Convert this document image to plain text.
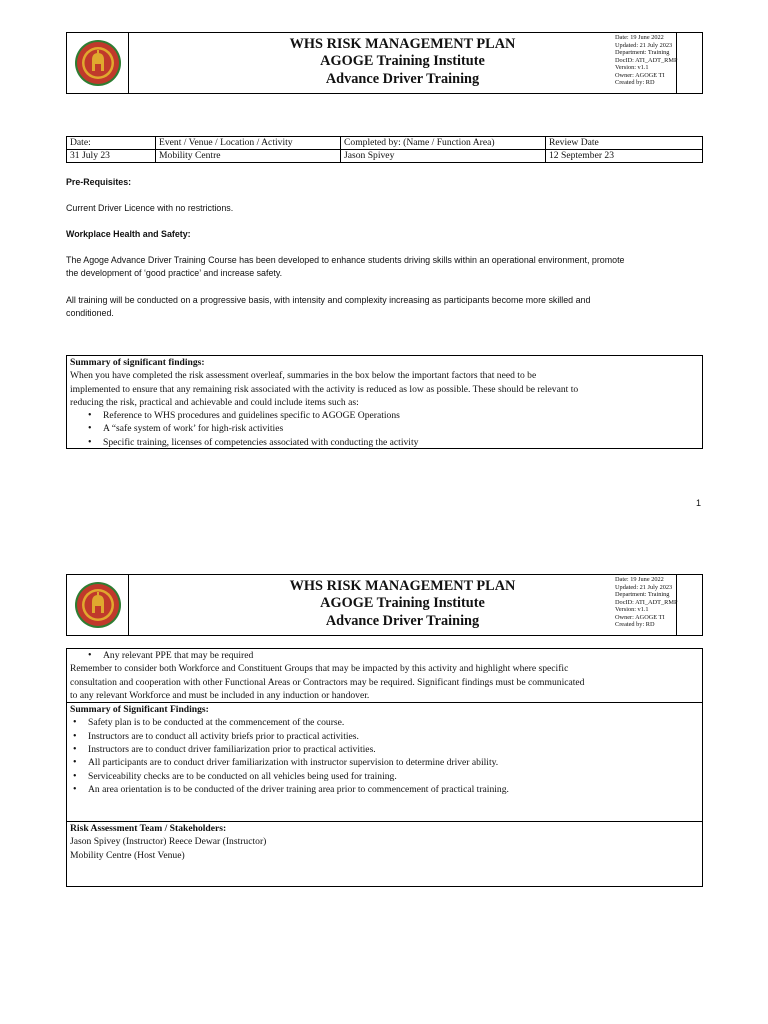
WHS RISK MANAGEMENT PLAN
AGOGE Training Institute
Advance Driver Training
Date: 19 June 2022
Updated: 21 July 2023
Department: Training
DocID: ATI_ADT_RMP
Version: v1.1
Owner: AGOGE TI
Created by: RD
Date:	Event / Venue / Location / Activity	Completed by: (Name / Function Area)	Review Date
31 July 23	Mobility Centre	Jason Spivey	12 September 23
Pre-Requisites:
Current Driver Licence with no restrictions.
Workplace Health and Safety:
The Agoge Advance Driver Training Course has been developed to enhance students driving skills within an operational environment, promote
the development of ‘good practice’ and increase safety.
All training will be conducted on a progressive basis, with intensity and complexity increasing as participants become more skilled and
conditioned.
Summary of significant findings:
When you have completed the risk assessment overleaf, summaries in the box below the important factors that need to be
implemented to ensure that any remaining risk associated with the activity is reduced as low as possible. These should be relevant to
reducing the risk, practical and achievable and could include items such as:
• Reference to WHS procedures and guidelines specific to AGOGE Operations
• A “safe system of work’ for high-risk activities
• Specific training, licenses of competencies associated with conducting the activity
1
WHS RISK MANAGEMENT PLAN
AGOGE Training Institute
Advance Driver Training
Date: 19 June 2022
Updated: 21 July 2023
Department: Training
DocID: ATI_ADT_RMP
Version: v1.1
Owner: AGOGE TI
Created by: RD
• Any relevant PPE that may be required
Remember to consider both Workforce and Constituent Groups that may be impacted by this activity and highlight where specific
consultation and cooperation with other Functional Areas or Contractors may be required. Significant findings must be communicated
to any relevant Workforce and must be included in any induction or handover.
Summary of Significant Findings:
• Safety plan is to be conducted at the commencement of the course.
• Instructors are to conduct all activity briefs prior to practical activities.
• Instructors are to conduct driver familiarization prior to practical activities.
• All participants are to conduct driver familiarization with instructor supervision to determine driver ability.
• Serviceability checks are to be conducted on all vehicles being used for training.
• An area orientation is to be conducted of the driver training area prior to commencement of practical training.
Risk Assessment Team / Stakeholders:
Jason Spivey (Instructor) Reece Dewar (Instructor)
Mobility Centre (Host Venue)
